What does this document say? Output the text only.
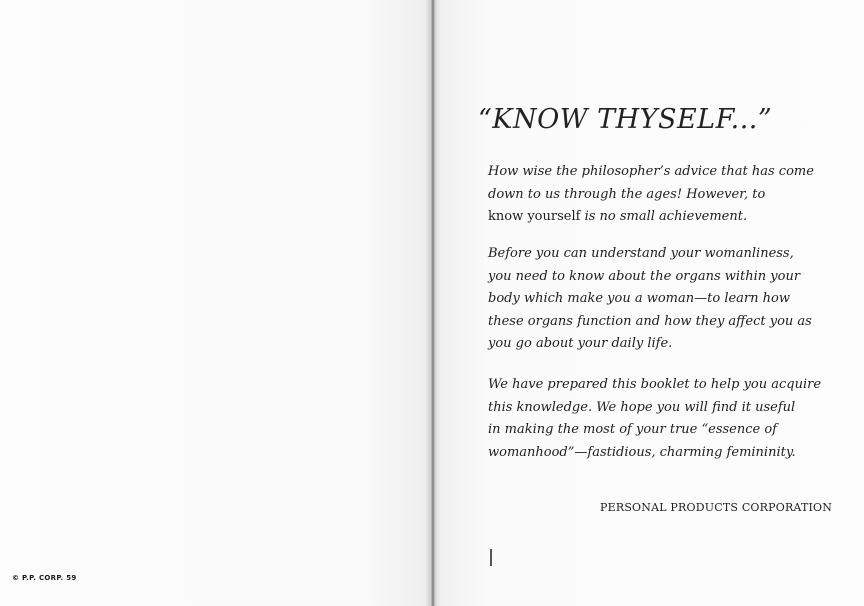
© P.P. CORP. 59
“KNOW THYSELF...”
How wise the philosopher’s advice that has come
down to us through the ages! However, to
know yourself is no small achievement.
Before you can understand your womanliness,
you need to know about the organs within your
body which make you a woman—to learn how
these organs function and how they affect you as
you go about your daily life.
We have prepared this booklet to help you acquire
this knowledge. We hope you will find it useful
in making the most of your true “essence of
womanhood”—fastidious, charming femininity.
PERSONAL PRODUCTS CORPORATION
